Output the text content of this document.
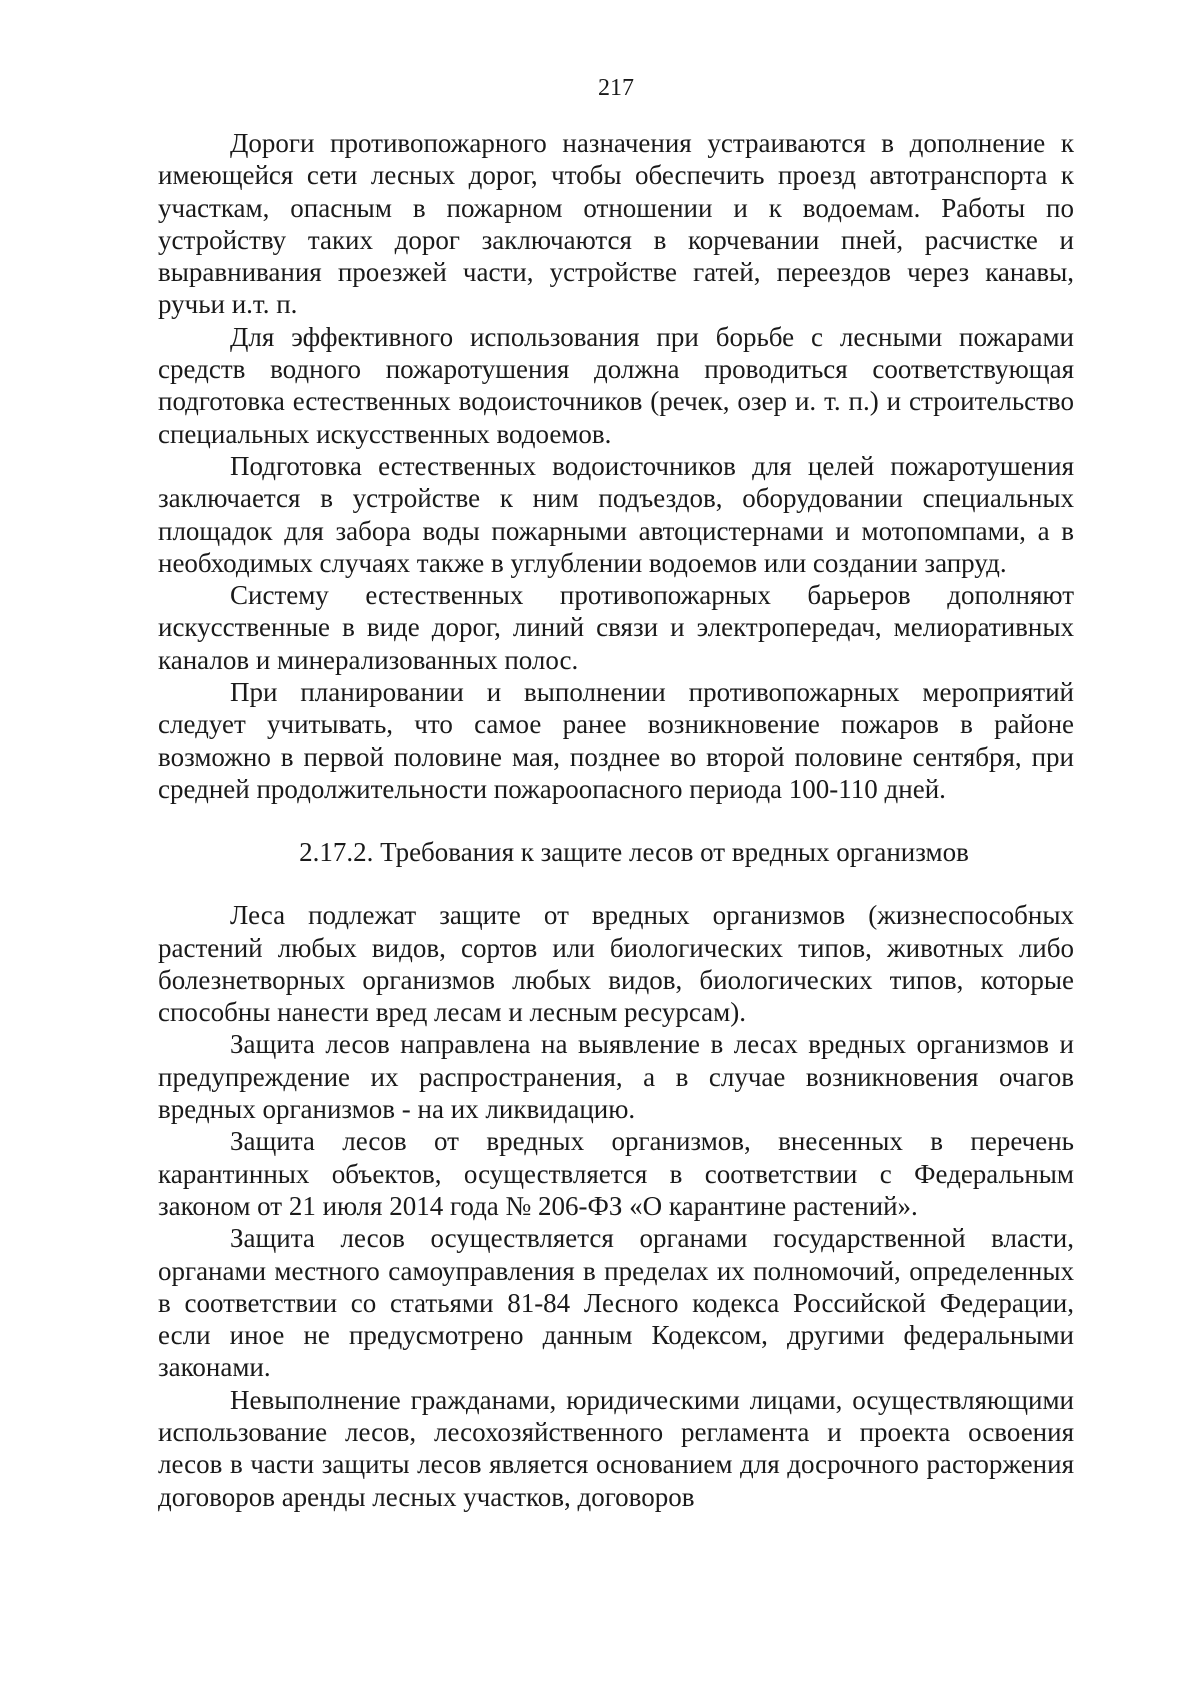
217

Дороги противопожарного назначения устраиваются в дополнение к имеющейся сети лесных дорог, чтобы обеспечить проезд автотранспорта к участкам, опасным в пожарном отношении и к водоемам. Работы по устройству таких дорог заключаются в корчевании пней, расчистке и выравнивания проезжей части, устройстве гатей, переездов через канавы, ручьи и.т. п.

Для эффективного использования при борьбе с лесными пожарами средств водного пожаротушения должна проводиться соответствующая подготовка естественных водоисточников (речек, озер и. т. п.) и строительство специальных искусственных водоемов.

Подготовка естественных водоисточников для целей пожаротушения заключается в устройстве к ним подъездов, оборудовании специальных площадок для забора воды пожарными автоцистернами и мотопомпами, а в необходимых случаях также в углублении водоемов или создании запруд.

Систему естественных противопожарных барьеров дополняют искусственные в виде дорог, линий связи и электропередач, мелиоративных каналов и минерализованных полос.

При планировании и выполнении противопожарных мероприятий следует учитывать, что самое ранее возникновение пожаров в районе возможно в первой половине мая, позднее во второй половине сентября, при средней продолжительности пожароопасного периода 100-110 дней.

2.17.2. Требования к защите лесов от вредных организмов

Леса подлежат защите от вредных организмов (жизнеспособных растений любых видов, сортов или биологических типов, животных либо болезнетворных организмов любых видов, биологических типов, которые способны нанести вред лесам и лесным ресурсам).

Защита лесов направлена на выявление в лесах вредных организмов и предупреждение их распространения, а в случае возникновения очагов вредных организмов - на их ликвидацию.

Защита лесов от вредных организмов, внесенных в перечень карантинных объектов, осуществляется в соответствии с Федеральным законом от 21 июля 2014 года № 206-ФЗ «О карантине растений».

Защита лесов осуществляется органами государственной власти, органами местного самоуправления в пределах их полномочий, определенных в соответствии со статьями 81-84 Лесного кодекса Российской Федерации, если иное не предусмотрено данным Кодексом, другими федеральными законами.

Невыполнение гражданами, юридическими лицами, осуществляющими использование лесов, лесохозяйственного регламента и проекта освоения лесов в части защиты лесов является основанием для досрочного расторжения договоров аренды лесных участков, договоров
